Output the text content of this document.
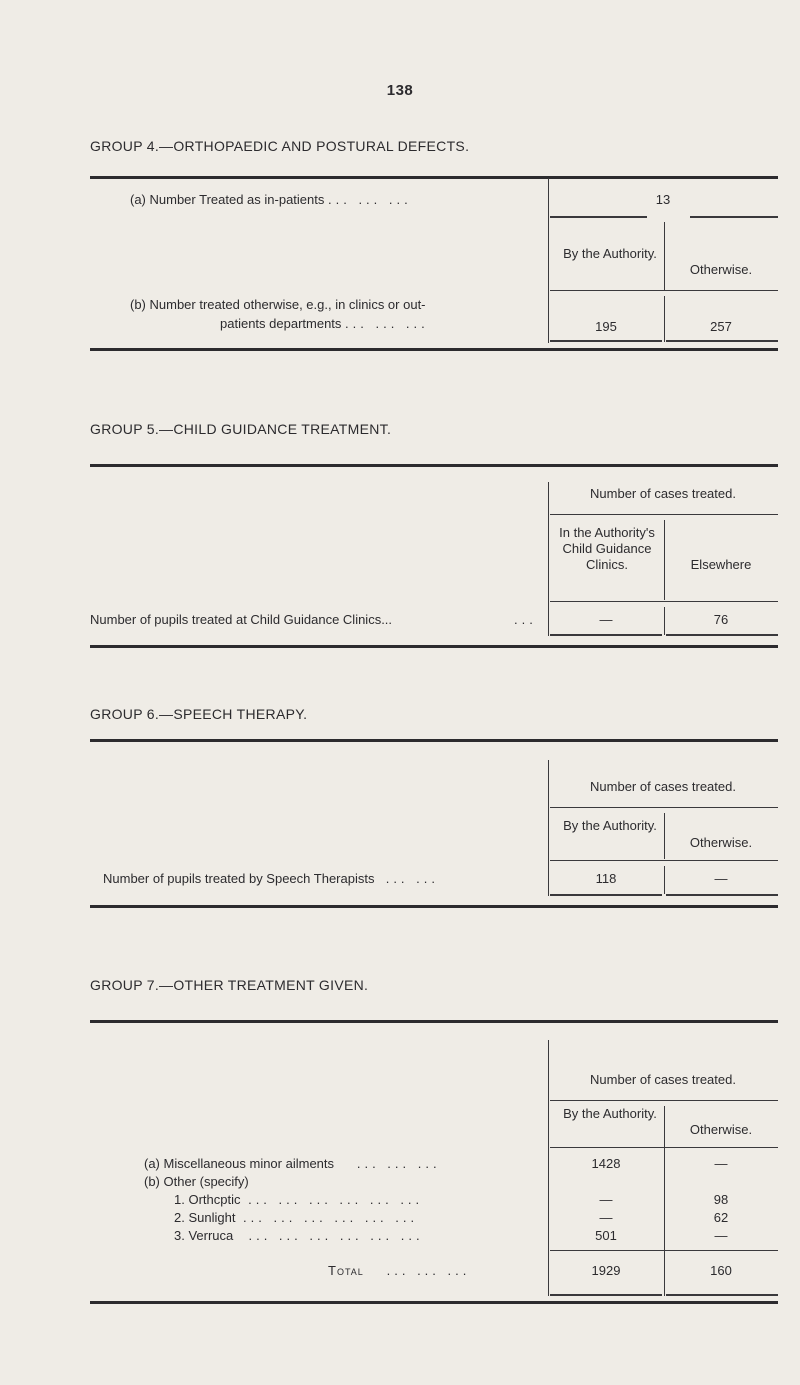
138
GROUP 4.—ORTHOPAEDIC AND POSTURAL DEFECTS.
(a) Number Treated as in-patients ... ... ...	13
By the Authority.
Otherwise.
(b) Number treated otherwise, e.g., in clinics or out-
patients departments ... ... ...	195	257
GROUP 5.—CHILD GUIDANCE TREATMENT.
Number of cases treated.
In the Authority's Child Guidance Clinics.	Elsewhere
Number of pupils treated at Child Guidance Clinics...	...	—	76
GROUP 6.—SPEECH THERAPY.
Number of cases treated.
By the Authority.
Otherwise.
Number of pupils treated by Speech Therapists  ... ...	118	—
GROUP 7.—OTHER TREATMENT GIVEN.
Number of cases treated.
By the Authority.
Otherwise.
(a) Miscellaneous minor ailments   ... ... ...	1428	—
(b) Other (specify)
1. Orthcptic ... ... ... ... ... ...	—	98
2. Sunlight ... ... ... ... ... ...	—	62
3. Verruca  ... ... ... ... ... ...	501	—
Total   ... ... ...	1929	160
